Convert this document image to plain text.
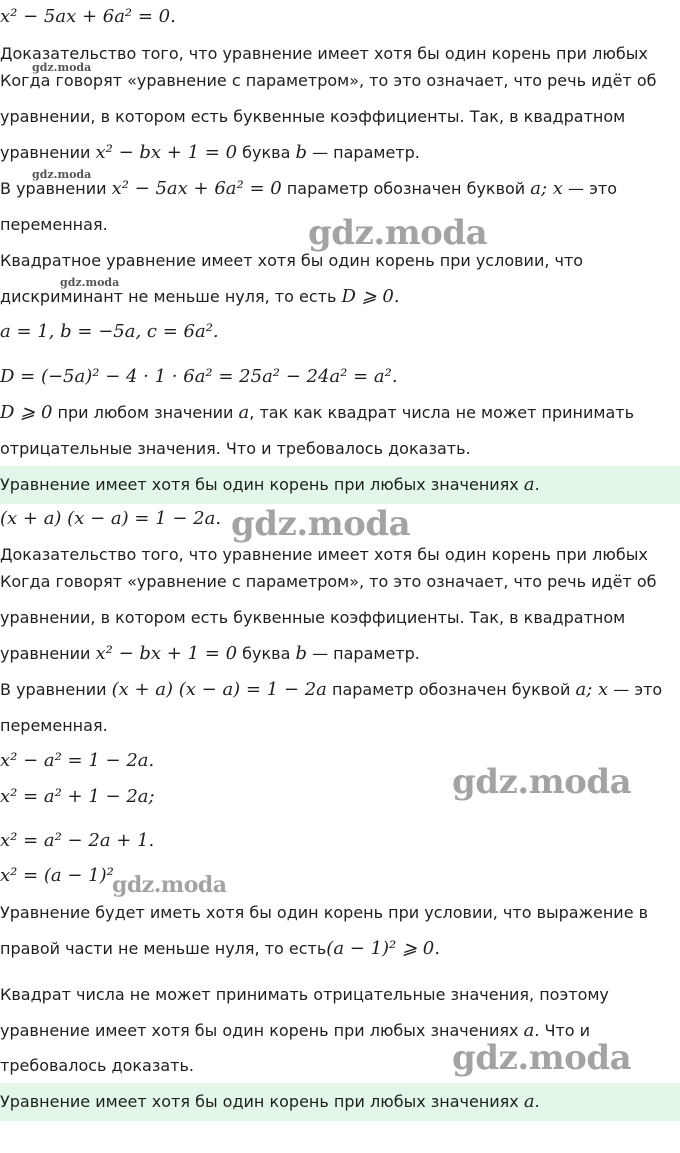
x² − 5ax + 6a² = 0.
Доказательство того, что уравнение имеет хотя бы один корень при любых
Когда говорят «уравнение с параметром», то это означает, что речь идёт об
уравнении, в котором есть буквенные коэффициенты. Так, в квадратном
уравнении x² − bx + 1 = 0 буква b — параметр.
В уравнении x² − 5ax + 6a² = 0 параметр обозначен буквой a; x — это
переменная.
Квадратное уравнение имеет хотя бы один корень при условии, что
дискриминант не меньше нуля, то есть D ⩾ 0.
a = 1, b = −5a, c = 6a².
D = (−5a)² − 4 · 1 · 6a² = 25a² − 24a² = a².
D ⩾ 0 при любом значении a, так как квадрат числа не может принимать
отрицательные значения. Что и требовалось доказать.
Уравнение имеет хотя бы один корень при любых значениях a.
(x + a) (x − a) = 1 − 2a.
Доказательство того, что уравнение имеет хотя бы один корень при любых
Когда говорят «уравнение с параметром», то это означает, что речь идёт об
уравнении, в котором есть буквенные коэффициенты. Так, в квадратном
уравнении x² − bx + 1 = 0 буква b — параметр.
В уравнении (x + a) (x − a) = 1 − 2a параметр обозначен буквой a; x — это
переменная.
x² − a² = 1 − 2a.
x² = a² + 1 − 2a;
x² = a² − 2a + 1.
x² = (a − 1)²
Уравнение будет иметь хотя бы один корень при условии, что выражение в
правой части не меньше нуля, то есть(a − 1)² ⩾ 0.
Квадрат числа не может принимать отрицательные значения, поэтому
уравнение имеет хотя бы один корень при любых значениях a. Что и
требовалось доказать.
Уравнение имеет хотя бы один корень при любых значениях a.
gdz.moda
gdz.moda
gdz.moda
gdz.moda
gdz.moda
gdz.moda
gdz.moda
gdz.moda
